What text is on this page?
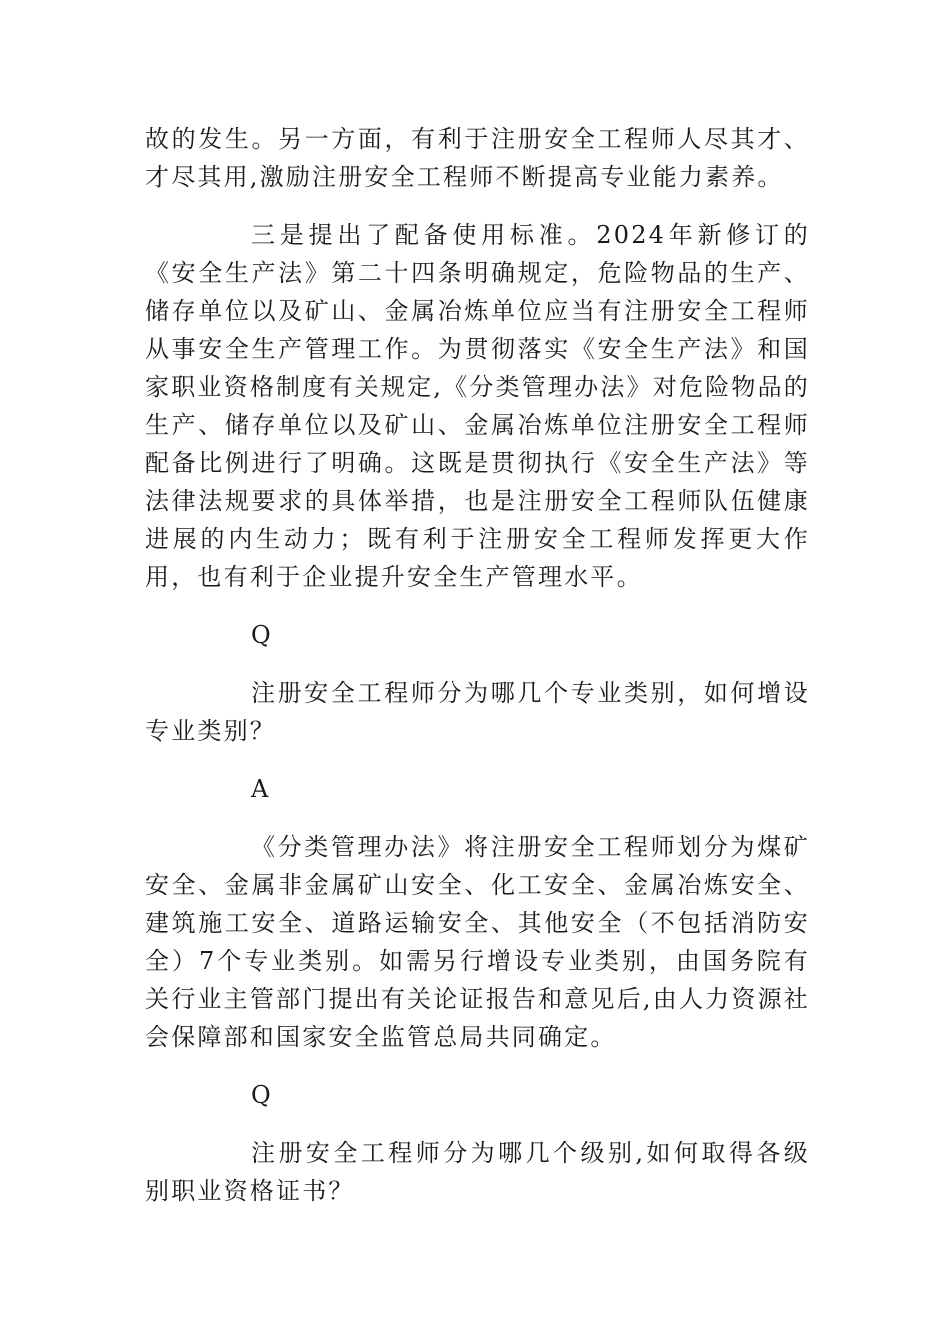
故的发生。另一方面，有利于注册安全工程师人尽其才、才尽其用,激励注册安全工程师不断提高专业能力素养。

三是提出了配备使用标准。2024年新修订的《安全生产法》第二十四条明确规定，危险物品的生产、储存单位以及矿山、金属冶炼单位应当有注册安全工程师从事安全生产管理工作。为贯彻落实《安全生产法》和国家职业资格制度有关规定,《分类管理办法》对危险物品的生产、储存单位以及矿山、金属冶炼单位注册安全工程师配备比例进行了明确。这既是贯彻执行《安全生产法》等法律法规要求的具体举措，也是注册安全工程师队伍健康进展的内生动力；既有利于注册安全工程师发挥更大作用，也有利于企业提升安全生产管理水平。

Q

注册安全工程师分为哪几个专业类别，如何增设专业类别？

A

《分类管理办法》将注册安全工程师划分为煤矿安全、金属非金属矿山安全、化工安全、金属冶炼安全、建筑施工安全、道路运输安全、其他安全（不包括消防安全）7个专业类别。如需另行增设专业类别，由国务院有关行业主管部门提出有关论证报告和意见后,由人力资源社会保障部和国家安全监管总局共同确定。

Q

注册安全工程师分为哪几个级别,如何取得各级别职业资格证书？
